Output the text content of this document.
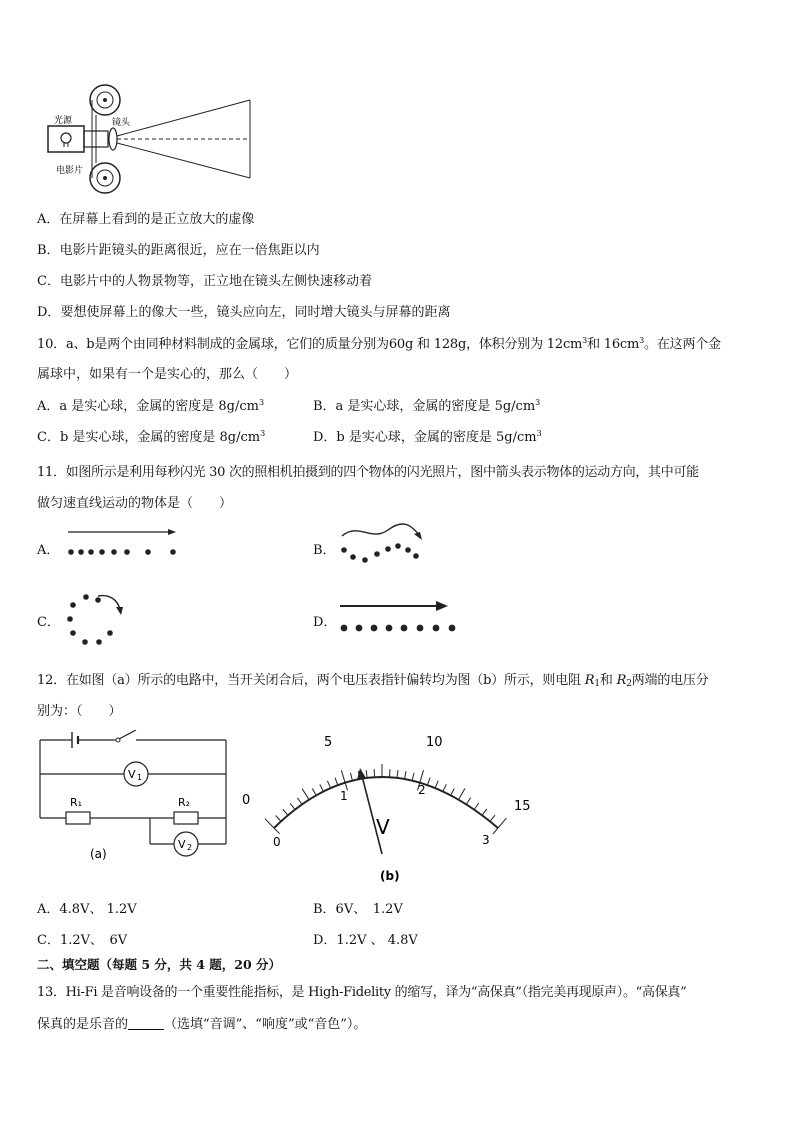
光源	镜头
电影片
A．在屏幕上看到的是正立放大的虚像
B．电影片距镜头的距离很近，应在一倍焦距以内
C．电影片中的人物景物等，正立地在镜头左侧快速移动着
D．要想使屏幕上的像大一些，镜头应向左，同时增大镜头与屏幕的距离
10．a、b是两个由同种材料制成的金属球，它们的质量分别为60g 和 128g，体积分别为 $12cm^3$和 $16cm^3$。在这两个金
属球中，如果有一个是实心的，那么（　　）
A．a 是实心球，金属的密度是 $8g/cm^3$	B．a 是实心球，金属的密度是 $5g/cm^3$
C．b 是实心球，金属的密度是 $8g/cm^3$	D．b 是实心球，金属的密度是 $5g/cm^3$
11．如图所示是利用每秒闪光 30 次的照相机拍摄到的四个物体的闪光照片，图中箭头表示物体的运动方向，其中可能
做匀速直线运动的物体是（　　）
A．	B．
C．	D．
12．在如图（a）所示的电路中，当开关闭合后，两个电压表指针偏转均为图（b）所示，则电阻 $R_1$和 $R_2$两端的电压分
别为：（　　）
V 1
R₁	R₂
V 2
(a)
0
5	10
15
0
1	2
3
V
(b)
A．4.8V、 1.2V	B．6V、　1.2V
C．1.2V、　6V	D．1.2V 、 4.8V
二、填空题（每题 5 分，共 4 题，20 分）
13．Hi-Fi 是音响设备的一个重要性能指标，是 High-Fidelity 的缩写，译为“高保真”（指完美再现原声）。“高保真”
保真的是乐音的	（选填“音调”、“响度”或“音色”）。
